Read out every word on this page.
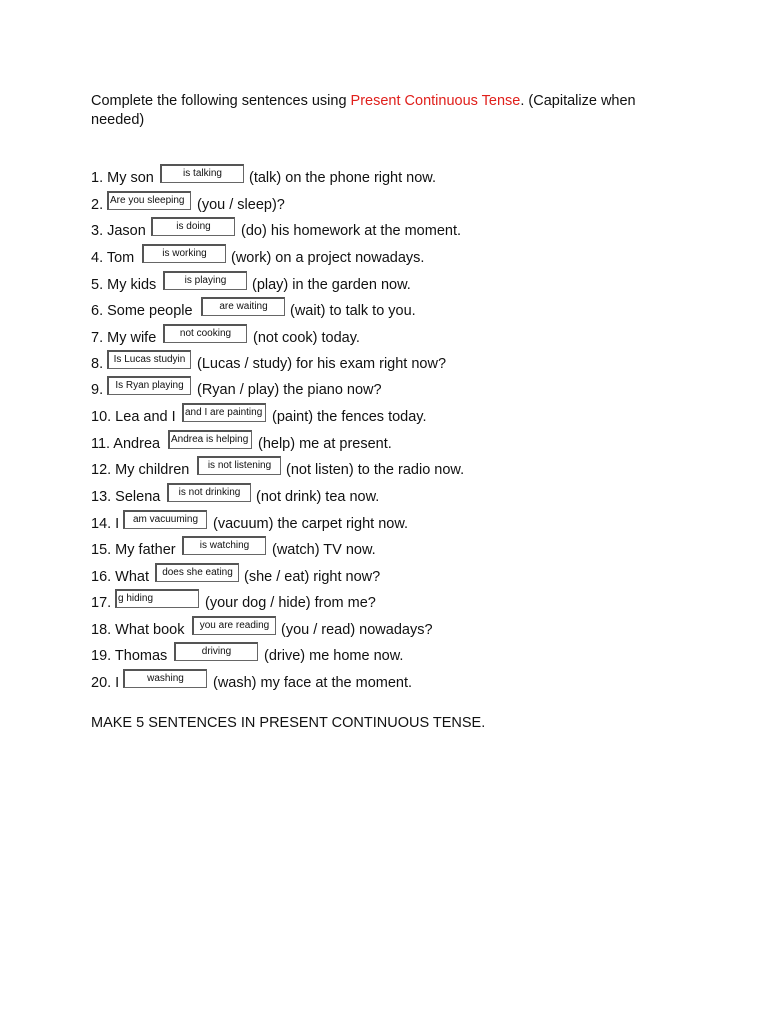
Complete the following sentences using Present Continuous Tense. (Capitalize when needed)
1. My son	is talking	(talk) on the phone right now.
2. Are you sleeping (you / sleep)?
3. Jason	is doing	(do) his homework at the moment.
4. Tom	is working	(work) on a project nowadays.
5. My kids	is playing	(play) in the garden now.
6. Some people	are waiting	(wait) to talk to you.
7. My wife	not cooking	(not cook) today.
8.	Is Lucas studyin (Lucas / study) for his exam right now?
9.	Is Ryan playing (Ryan / play) the piano now?
10. Lea and I and I are painting (paint) the fences today.
11. Andrea	Andrea is helping (help) me at present.
12. My children	is not listening	(not listen) to the radio now.
13. Selena	is not drinking	(not drink) tea now.
14. I	am vacuuming	(vacuum) the carpet right now.
15. My father	is watching	(watch) TV now.
16. What	does she eating (she / eat) right now?
17. g hiding	(your dog / hide) from me?
18. What book	you are reading (you / read) nowadays?
19. Thomas	driving	(drive) me home now.
20. I	washing	(wash) my face at the moment.
MAKE 5 SENTENCES IN PRESENT CONTINUOUS TENSE.
